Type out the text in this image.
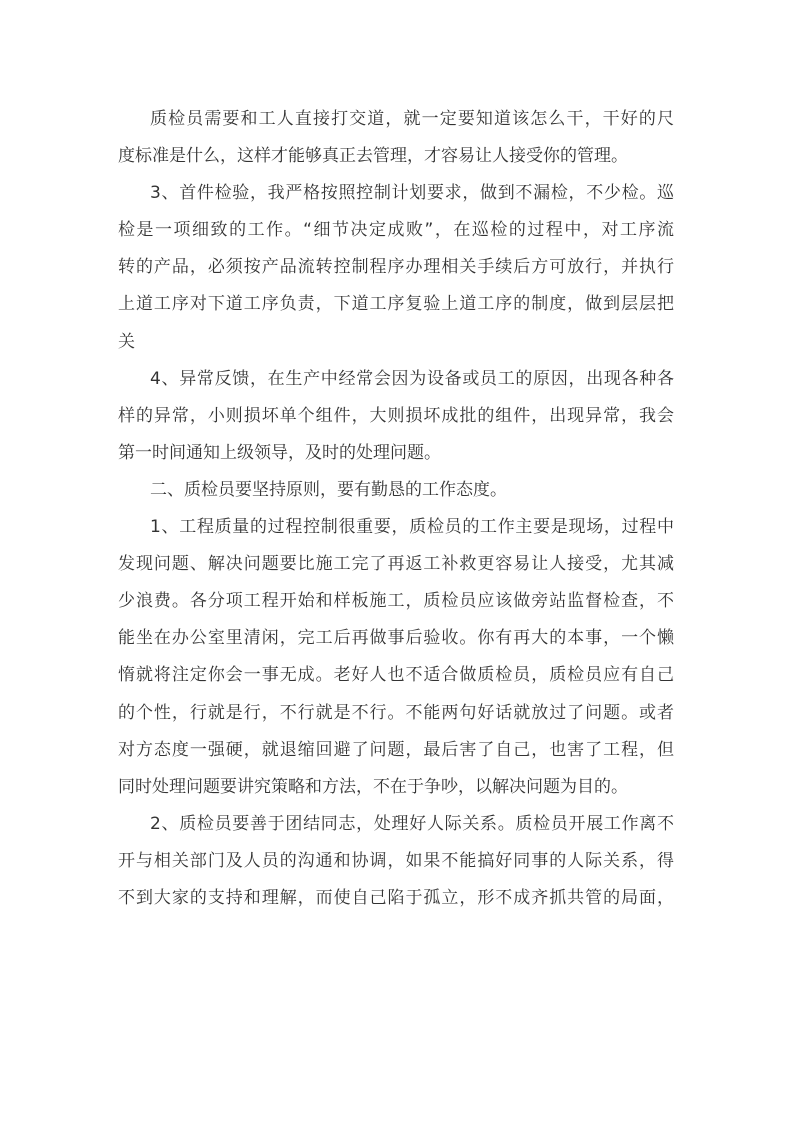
质检员需要和工人直接打交道，就一定要知道该怎么干，干好的尺
度标准是什么，这样才能够真正去管理，才容易让人接受你的管理。
3、首件检验，我严格按照控制计划要求，做到不漏检，不少检。巡
检是一项细致的工作。“细节决定成败”，在巡检的过程中，对工序流
转的产品，必须按产品流转控制程序办理相关手续后方可放行，并执行
上道工序对下道工序负责，下道工序复验上道工序的制度，做到层层把
关
4、异常反馈，在生产中经常会因为设备或员工的原因，出现各种各
样的异常，小则损坏单个组件，大则损坏成批的组件，出现异常，我会
第一时间通知上级领导，及时的处理问题。
二、质检员要坚持原则，要有勤恳的工作态度。
1、工程质量的过程控制很重要，质检员的工作主要是现场，过程中
发现问题、解决问题要比施工完了再返工补救更容易让人接受，尤其减
少浪费。各分项工程开始和样板施工，质检员应该做旁站监督检查，不
能坐在办公室里清闲，完工后再做事后验收。你有再大的本事，一个懒
惰就将注定你会一事无成。老好人也不适合做质检员，质检员应有自己
的个性，行就是行，不行就是不行。不能两句好话就放过了问题。或者
对方态度一强硬，就退缩回避了问题，最后害了自己，也害了工程，但
同时处理问题要讲究策略和方法，不在于争吵，以解决问题为目的。
2、质检员要善于团结同志，处理好人际关系。质检员开展工作离不
开与相关部门及人员的沟通和协调，如果不能搞好同事的人际关系，得
不到大家的支持和理解，而使自己陷于孤立，形不成齐抓共管的局面，
